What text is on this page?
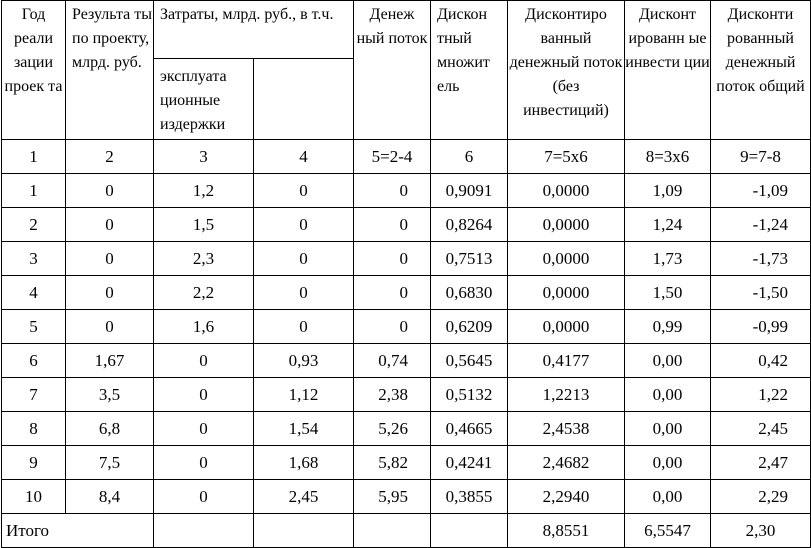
Год реали зации проек та	Результа ты по проекту, млрд. руб.	Затраты, млрд. руб., в т.ч.		Денеж ный поток	Дискон тный множит ель	Дисконтиро ванный денежный поток (без инвестиций)	Дисконт ированн ые инвести ции	Дисконти рованный денежный поток общий
		эксплуата ционные издержки						
1	2	3	4	5=2-4	6	7=5х6	8=3х6	9=7-8
1	0	1,2	0	0	0,9091	0,0000	1,09	-1,09
2	0	1,5	0	0	0,8264	0,0000	1,24	-1,24
3	0	2,3	0	0	0,7513	0,0000	1,73	-1,73
4	0	2,2	0	0	0,6830	0,0000	1,50	-1,50
5	0	1,6	0	0	0,6209	0,0000	0,99	-0,99
6	1,67	0	0,93	0,74	0,5645	0,4177	0,00	0,42
7	3,5	0	1,12	2,38	0,5132	1,2213	0,00	1,22
8	6,8	0	1,54	5,26	0,4665	2,4538	0,00	2,45
9	7,5	0	1,68	5,82	0,4241	2,4682	0,00	2,47
10	8,4	0	2,45	5,95	0,3855	2,2940	0,00	2,29
Итого						8,8551	6,5547	2,30
